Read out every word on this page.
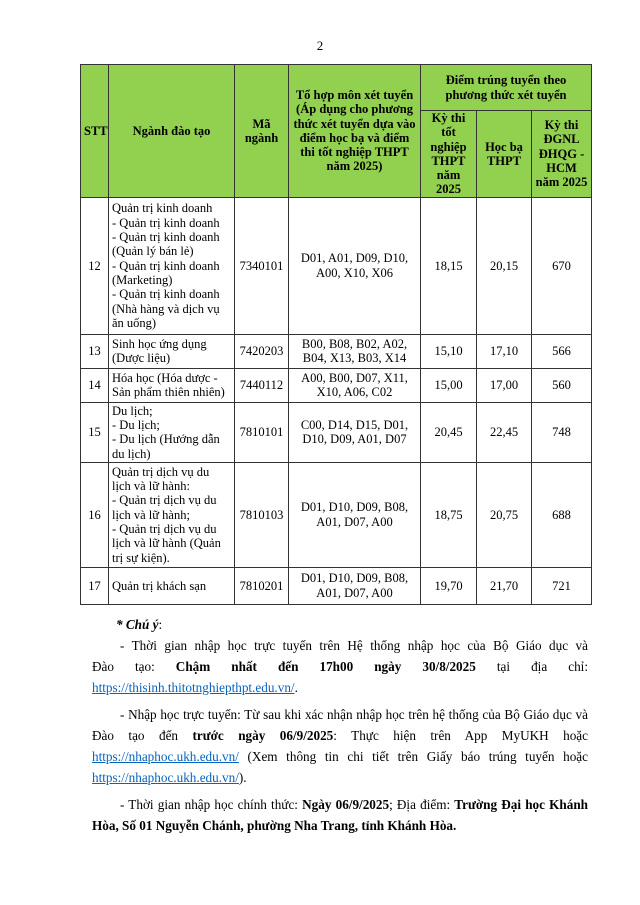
2
STT	Ngành đào tạo	Mã ngành	Tổ hợp môn xét tuyển (Áp dụng cho phương thức xét tuyển dựa vào điểm học bạ và điểm thi tốt nghiệp THPT năm 2025)	Điểm trúng tuyển theo phương thức xét tuyển		
				Kỳ thi tốt nghiệp THPT năm 2025	Học bạ THPT	Kỳ thi ĐGNL ĐHQG - HCM năm 2025
12	Quản trị kinh doanh
- Quản trị kinh doanh
- Quản trị kinh doanh (Quản lý bán lẻ)
- Quản trị kinh doanh (Marketing)
- Quản trị kinh doanh (Nhà hàng và dịch vụ ăn uống)	7340101	D01, A01, D09, D10, A00, X10, X06	18,15	20,15	670
13	Sinh học ứng dụng (Dược liệu)	7420203	B00, B08, B02, A02, B04, X13, B03, X14	15,10	17,10	566
14	Hóa học (Hóa dược - Sản phẩm thiên nhiên)	7440112	A00, B00, D07, X11, X10, A06, C02	15,00	17,00	560
15	Du lịch;
- Du lịch;
- Du lịch (Hướng dẫn du lịch)	7810101	C00, D14, D15, D01, D10, D09, A01, D07	20,45	22,45	748
16	Quản trị dịch vụ du lịch và lữ hành:
- Quản trị dịch vụ du lịch và lữ hành;
- Quản trị dịch vụ du lịch và lữ hành (Quản trị sự kiện).	7810103	D01, D10, D09, B08, A01, D07, A00	18,75	20,75	688
17	Quản trị khách sạn	7810201	D01, D10, D09, B08, A01, D07, A00	19,70	21,70	721

* Chú ý:

- Thời gian nhập học trực tuyến trên Hệ thống nhập học của Bộ Giáo dục và

Đào tạo: Chậm nhất đến 17h00 ngày 30/8/2025 tại địa chỉ:

https://thisinh.thitotnghiepthpt.edu.vn/.

- Nhập học trực tuyến: Từ sau khi xác nhận nhập học trên hệ thống của Bộ Giáo dục và Đào tạo đến trước ngày 06/9/2025: Thực hiện trên App MyUKH hoặc https://nhaphoc.ukh.edu.vn/ (Xem thông tin chi tiết trên Giấy báo trúng tuyển hoặc https://nhaphoc.ukh.edu.vn/).

- Thời gian nhập học chính thức: Ngày 06/9/2025; Địa điểm: Trường Đại học Khánh Hòa, Số 01 Nguyễn Chánh, phường Nha Trang, tỉnh Khánh Hòa.
